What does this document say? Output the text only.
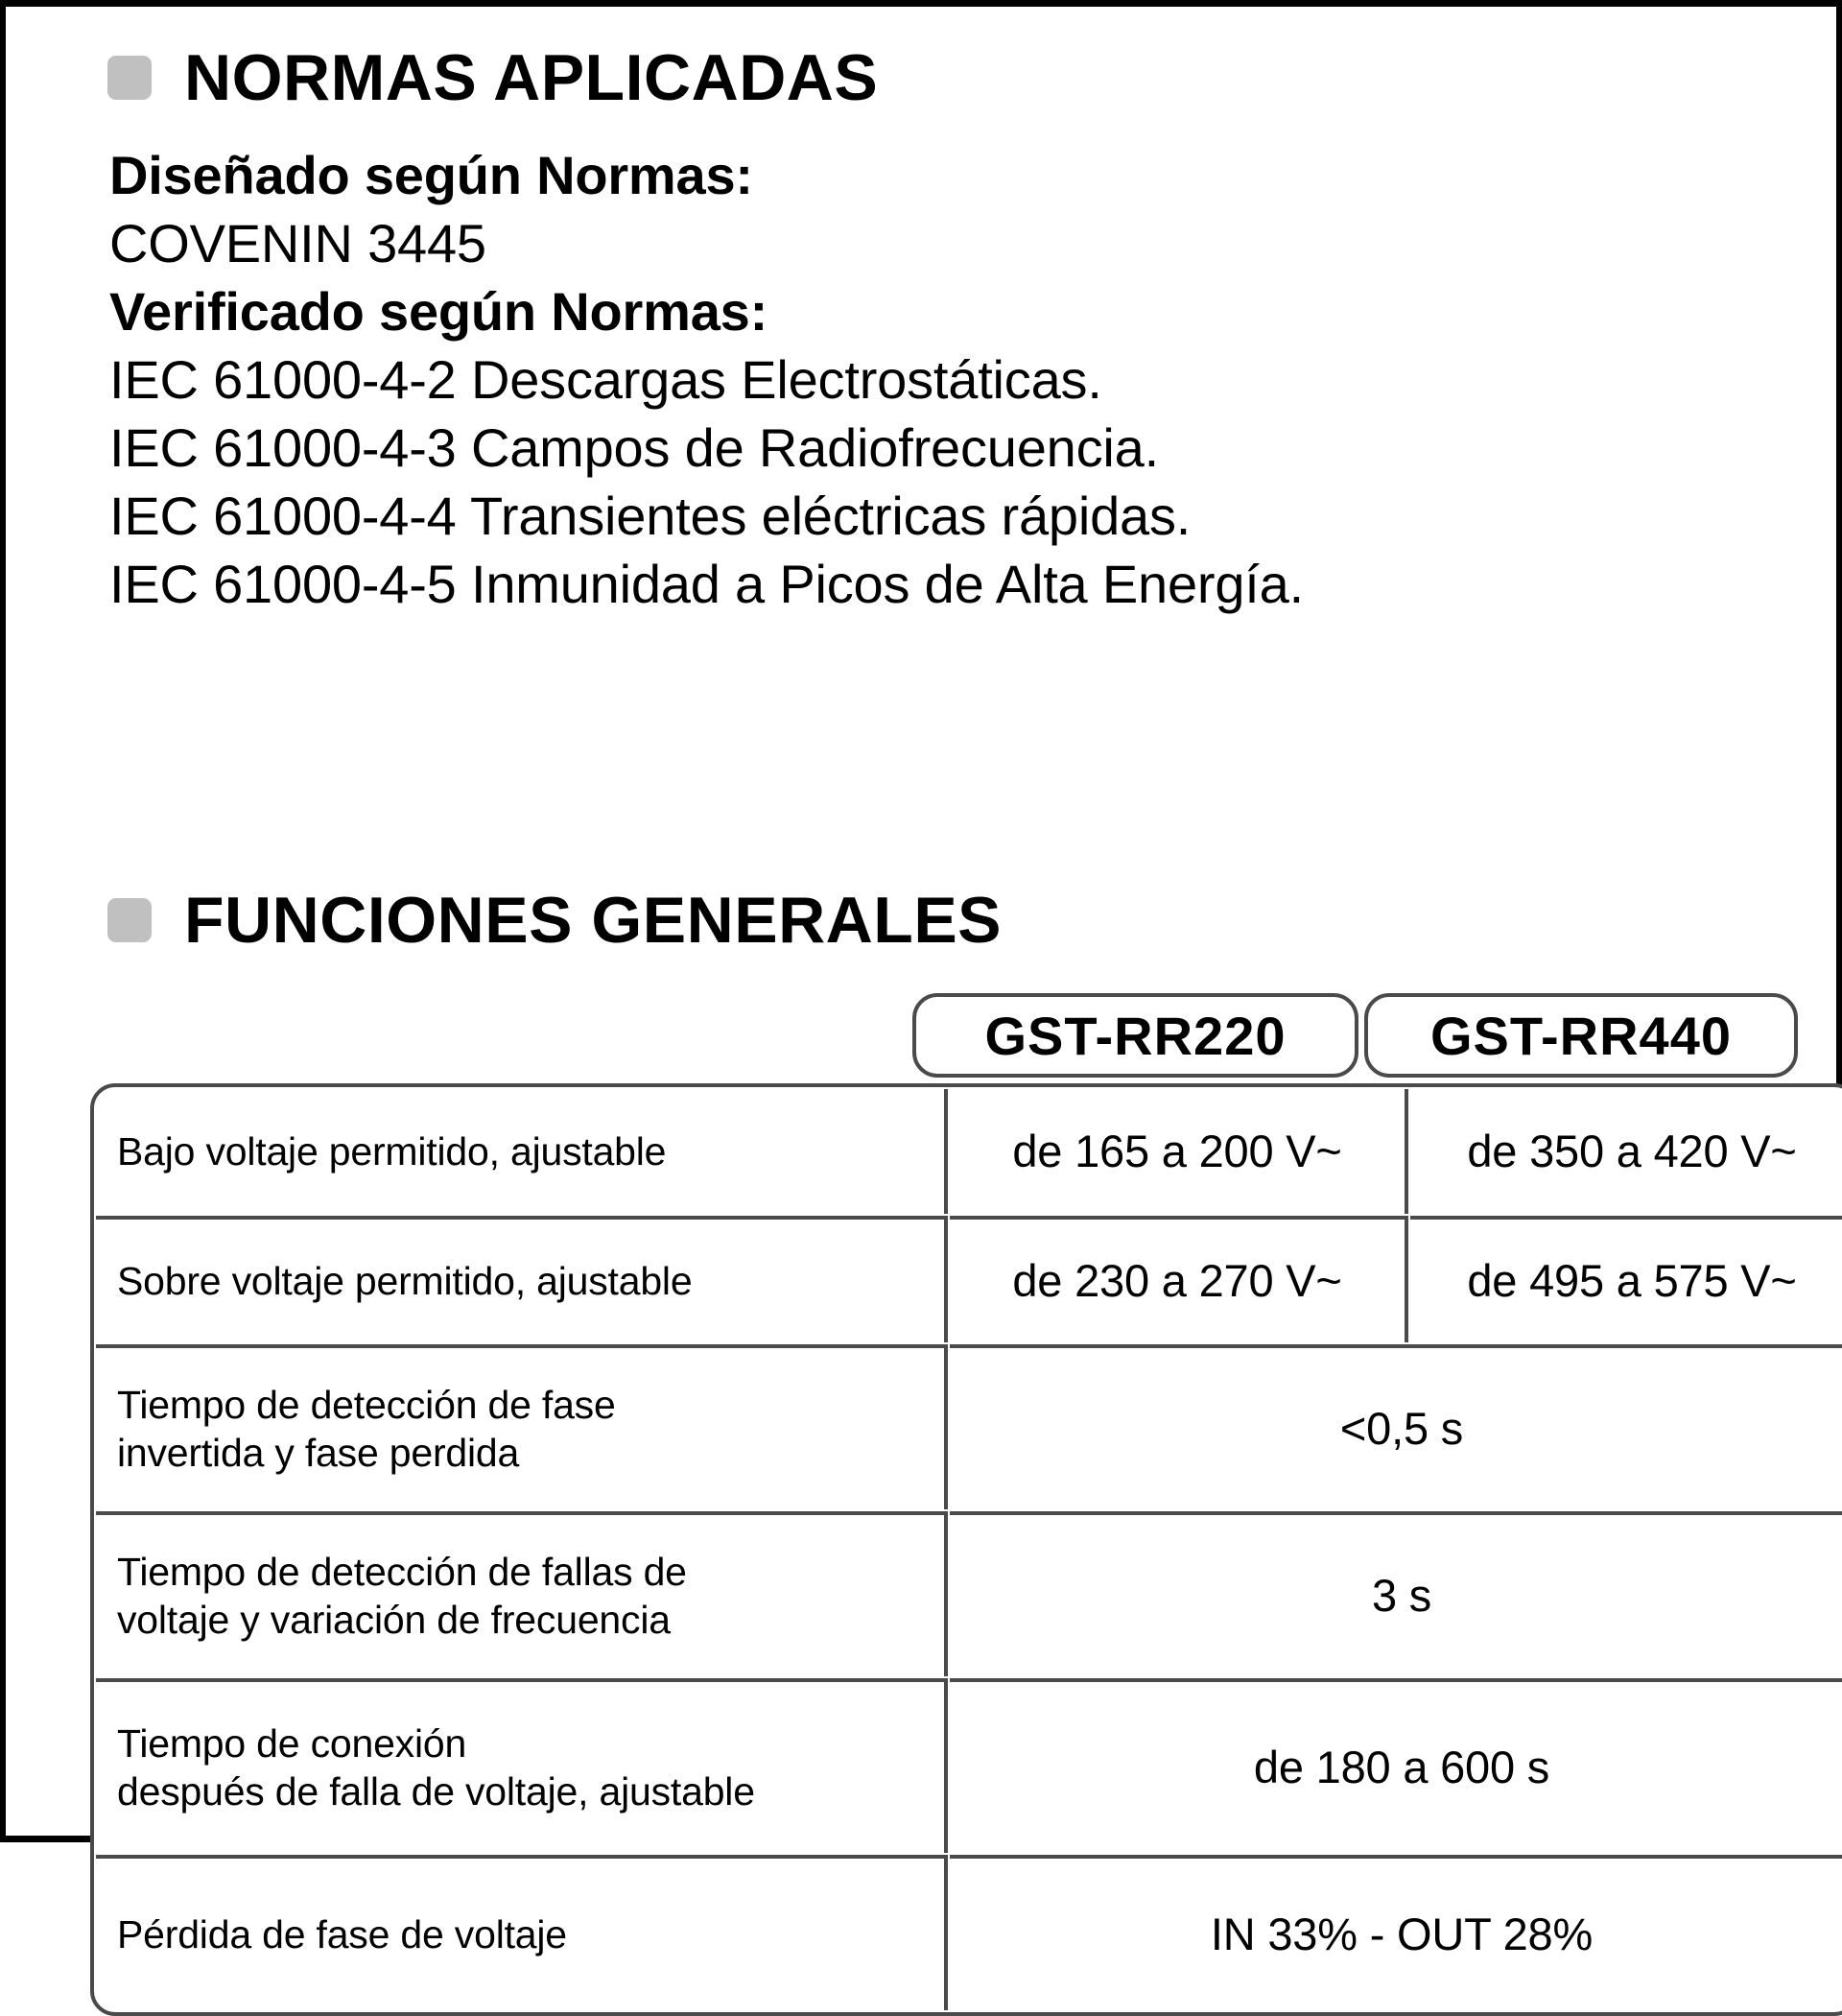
NORMAS APLICADAS
Diseñado según Normas:
COVENIN 3445
Verificado según Normas:
IEC 61000-4-2 Descargas Electrostáticas.
IEC 61000-4-3 Campos de Radiofrecuencia.
IEC 61000-4-4 Transientes eléctricas rápidas.
IEC 61000-4-5 Inmunidad a Picos de Alta Energía.
FUNCIONES GENERALES
GST-RR220	GST-RR440
Bajo voltaje permitido, ajustable	de 165 a 200 V~	de 350 a 420 V~
Sobre voltaje permitido, ajustable	de 230 a 270 V~	de 495 a 575 V~

Tiempo de detección de fase
invertida y fase perdida	<0,5 s	

Tiempo de detección de fallas de
voltaje y variación de frecuencia	3 s	

Tiempo de conexión
después de falla de voltaje, ajustable	de 180 a 600 s	
Pérdida de fase de voltaje	IN 33% - OUT 28%	
